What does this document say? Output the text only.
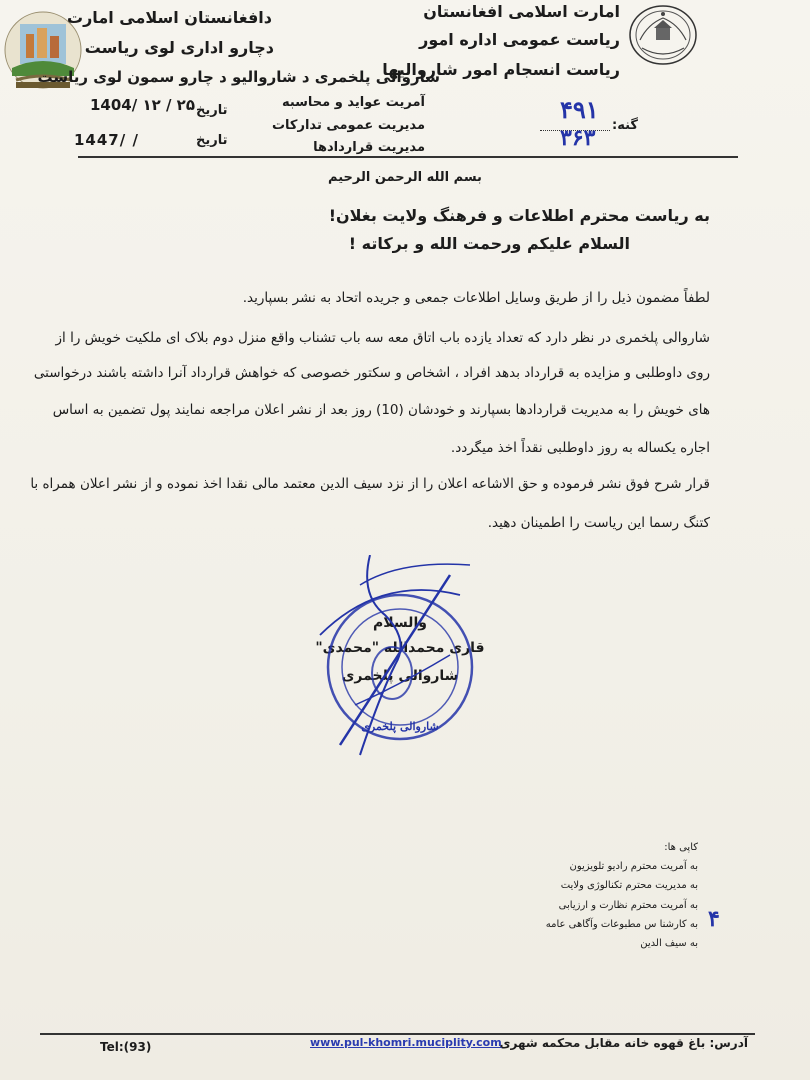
امارت اسلامی افغانستان
ریاست عمومی اداره امور
ریاست انسجام امور شاروالیها
دافغانستان اسلامی امارت
دچارو اداری لوی ریاست
شاروالی پلخمری د شاروالیو د چارو سمون لوی ریاست
آمریت عواید و محاسبه
مدیریت عمومی تدارکات
مدیریت قراردادها
تاریخ
1404/ ۱۲ / ۲۵
تاریخ
1447/ /
گنه:
۴۹۱
۳۶۳
بسم الله الرحمن الرحیم
به ریاست محترم اطلاعات و فرهنگ ولایت بغلان!
السلام علیکم ورحمت الله و برکاته !
لطفاً مضمون ذیل را از طریق وسایل اطلاعات جمعی و جریده اتحاد به نشر بسپارید.
شاروالی پلخمری در نظر دارد که تعداد یازده باب اتاق معه سه باب تشناب واقع منزل دوم بلاک ای ملکیت خویش را از
روی داوطلبی و مزایده به قرارداد بدهد افراد ، اشخاص و سکتور خصوصی که خواهش قرارداد آنرا داشته باشند درخواستی
های خویش را به مدیریت قراردادها بسپارند و خودشان (10) روز بعد از نشر اعلان مراجعه نمایند پول تضمین به اساس
اجاره یکساله به روز داوطلبی نقداً اخذ میگردد.
قرار شرح فوق نشر فرموده و حق الاشاعه اعلان را از نزد سیف الدین معتمد مالی نقدا اخذ نموده و از نشر اعلان همراه با
کتنگ رسما این ریاست را اطمینان دهید.
والسلام
قاری محمدالله "محمدی"
شاروالی پلخمری
شاروالی پلخمری
کاپی ها:
به آمریت محترم رادیو تلویزیون
به مدیریت محترم تکنالوژی ولایت
به آمریت محترم نظارت و ارزیابی
به کارشنا س مطبوعات وآگاهی عامه
به سیف الدین
۴
آدرس: باغ قهوه خانه مقابل محکمه شهری
www.pul-khomri.muciplity.com
Tel:(93)
